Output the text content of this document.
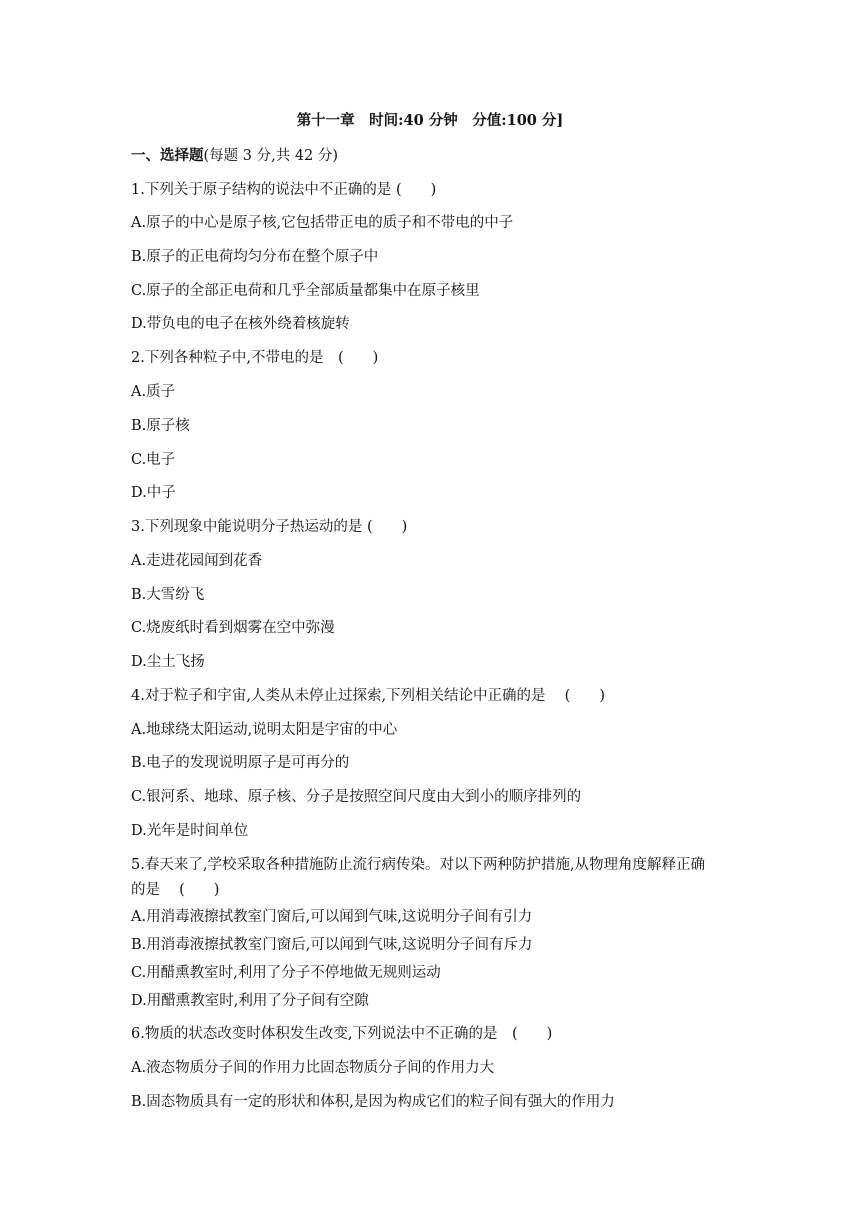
第十一章　时间:40 分钟　分值:100 分]
一、选择题(每题 3 分,共 42 分)
1.下列关于原子结构的说法中不正确的是 (　　)
A.原子的中心是原子核,它包括带正电的质子和不带电的中子
B.原子的正电荷均匀分布在整个原子中
C.原子的全部正电荷和几乎全部质量都集中在原子核里
D.带负电的电子在核外绕着核旋转
2.下列各种粒子中,不带电的是　(　　)
A.质子
B.原子核
C.电子
D.中子
3.下列现象中能说明分子热运动的是 (　　)
A.走进花园闻到花香
B.大雪纷飞
C.烧废纸时看到烟雾在空中弥漫
D.尘土飞扬
4.对于粒子和宇宙,人类从未停止过探索,下列相关结论中正确的是　 (　　)
A.地球绕太阳运动,说明太阳是宇宙的中心
B.电子的发现说明原子是可再分的
C.银河系、地球、原子核、分子是按照空间尺度由大到小的顺序排列的
D.光年是时间单位
5.春天来了,学校采取各种措施防止流行病传染。对以下两种防护措施,从物理角度解释正确
的是　 (　　)
A.用消毒液擦拭教室门窗后,可以闻到气味,这说明分子间有引力
B.用消毒液擦拭教室门窗后,可以闻到气味,这说明分子间有斥力
C.用醋熏教室时,利用了分子不停地做无规则运动
D.用醋熏教室时,利用了分子间有空隙
6.物质的状态改变时体积发生改变,下列说法中不正确的是　(　　)
A.液态物质分子间的作用力比固态物质分子间的作用力大
B.固态物质具有一定的形状和体积,是因为构成它们的粒子间有强大的作用力
